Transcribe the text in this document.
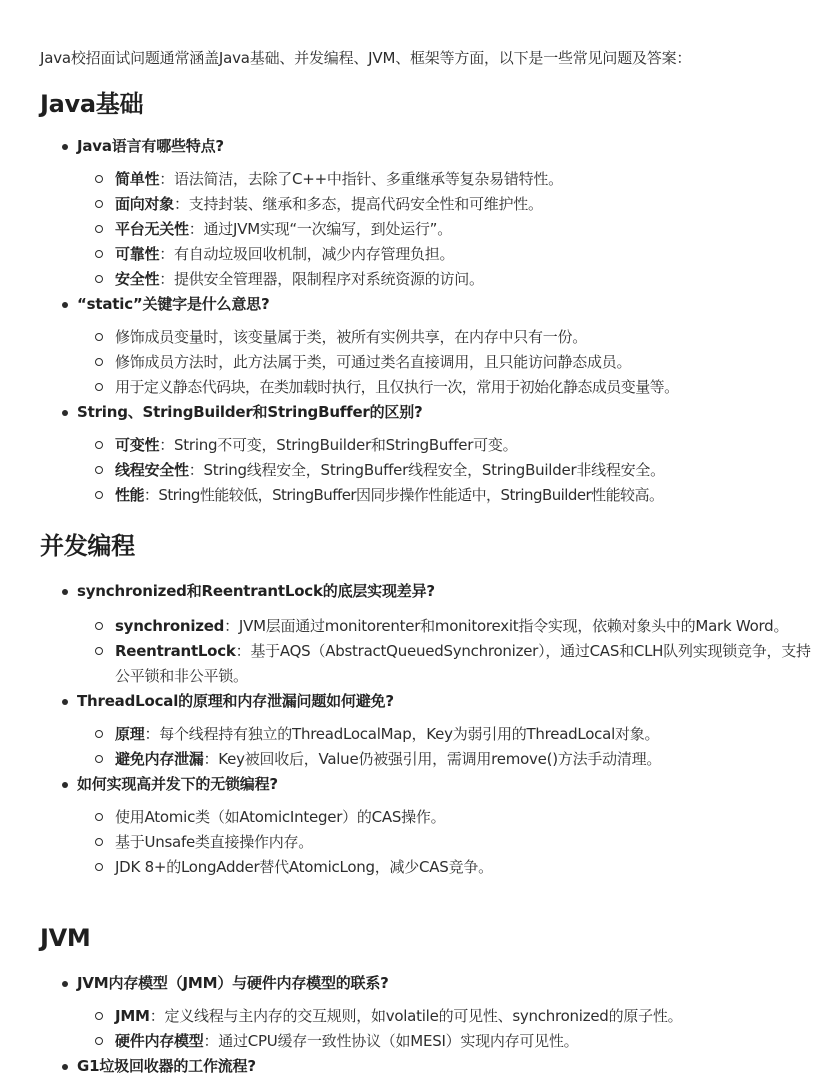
Java校招面试问题通常涵盖Java基础、并发编程、JVM、框架等方面，以下是一些常见问题及答案：
Java基础
Java语言有哪些特点?
简单性：语法简洁，去除了C++中指针、多重继承等复杂易错特性。
面向对象：支持封装、继承和多态，提高代码安全性和可维护性。
平台无关性：通过JVM实现“一次编写，到处运行”。
可靠性：有自动垃圾回收机制，减少内存管理负担。
安全性：提供安全管理器，限制程序对系统资源的访问。
“static”关键字是什么意思?
修饰成员变量时，该变量属于类，被所有实例共享，在内存中只有一份。
修饰成员方法时，此方法属于类，可通过类名直接调用，且只能访问静态成员。
用于定义静态代码块，在类加载时执行，且仅执行一次，常用于初始化静态成员变量等。
String、StringBuilder和StringBuffer的区别?
可变性：String不可变，StringBuilder和StringBuffer可变。
线程安全性：String线程安全，StringBuffer线程安全，StringBuilder非线程安全。
性能：String性能较低，StringBuffer因同步操作性能适中，StringBuilder性能较高。
并发编程
synchronized和ReentrantLock的底层实现差异?
synchronized：JVM层面通过monitorenter和monitorexit指令实现，依赖对象头中的Mark Word。
ReentrantLock：基于AQS（AbstractQueuedSynchronizer），通过CAS和CLH队列实现锁竞争，支持公平锁和非公平锁。
ThreadLocal的原理和内存泄漏问题如何避免?
原理：每个线程持有独立的ThreadLocalMap，Key为弱引用的ThreadLocal对象。
避免内存泄漏：Key被回收后，Value仍被强引用，需调用remove()方法手动清理。
如何实现高并发下的无锁编程?
使用Atomic类（如AtomicInteger）的CAS操作。
基于Unsafe类直接操作内存。
JDK 8+的LongAdder替代AtomicLong，减少CAS竞争。
JVM
JVM内存模型（JMM）与硬件内存模型的联系?
JMM：定义线程与主内存的交互规则，如volatile的可见性、synchronized的原子性。
硬件内存模型：通过CPU缓存一致性协议（如MESI）实现内存可见性。
G1垃圾回收器的工作流程?
